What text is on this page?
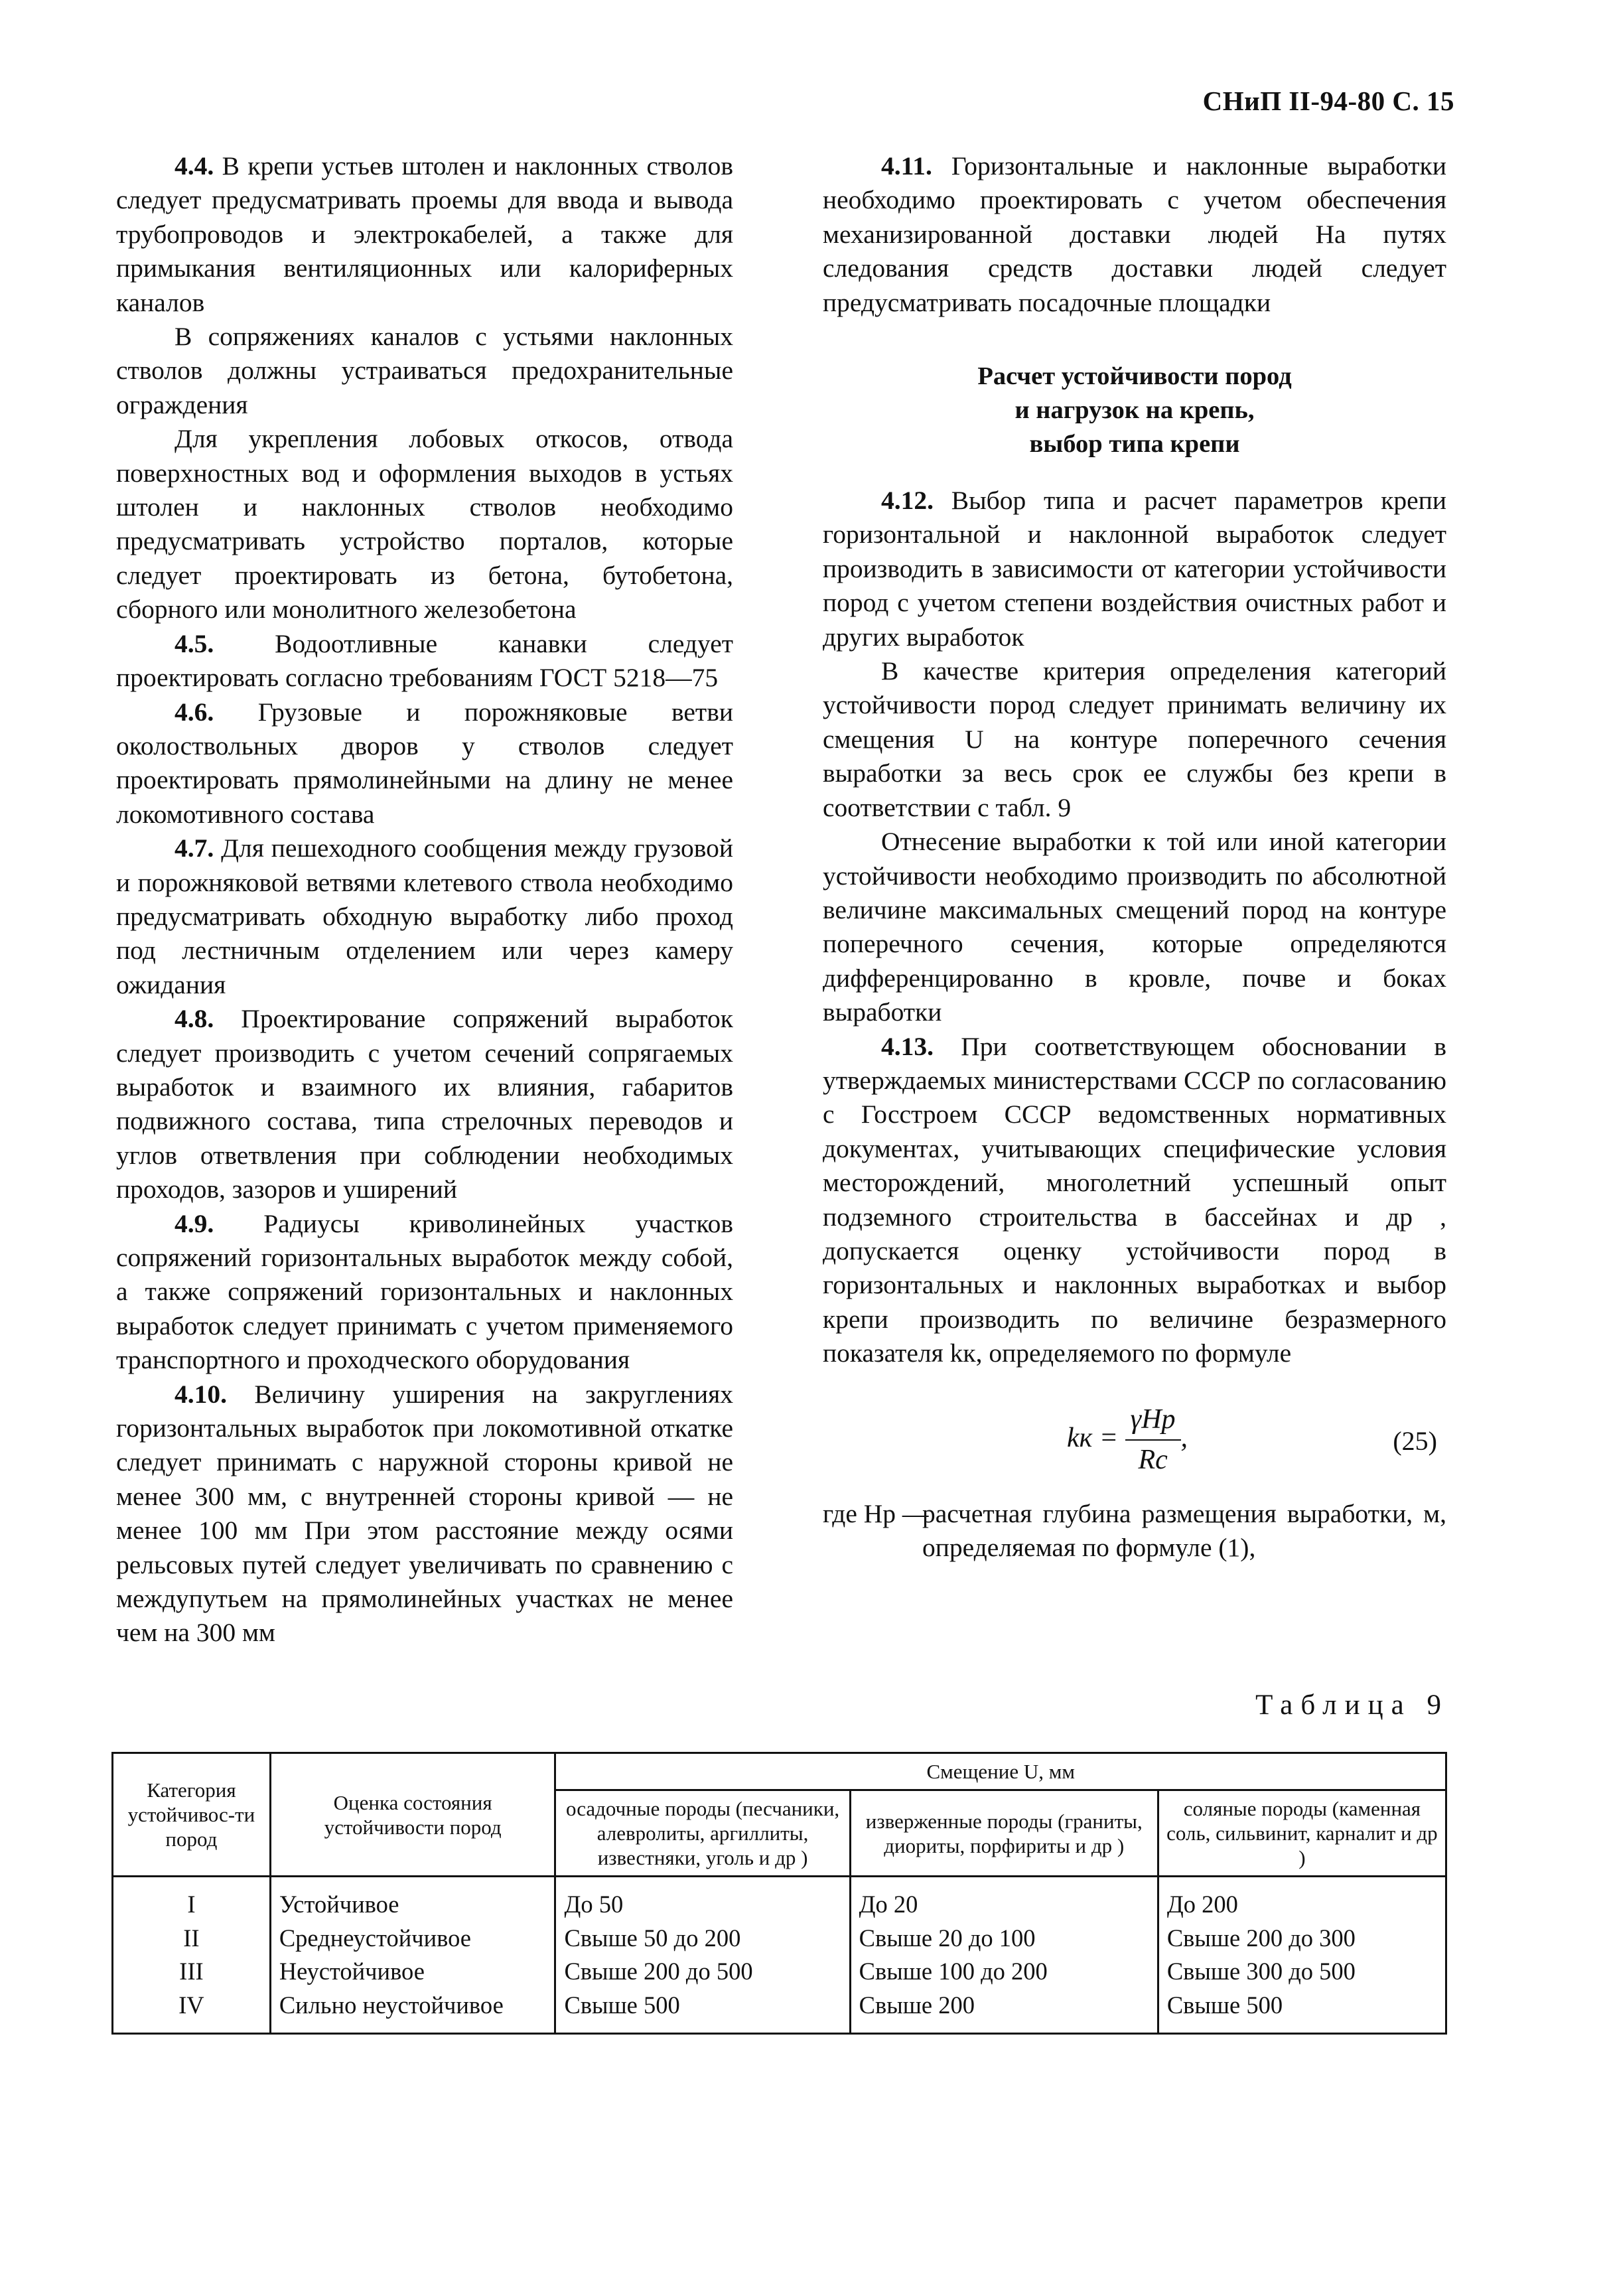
СНиП II-94-80 С. 15

4.4. В крепи устьев штолен и наклонных стволов следует предусматривать проемы для ввода и вывода трубопроводов и электрокабелей, а также для примыкания вентиляционных или калориферных каналов

В сопряжениях каналов с устьями наклонных стволов должны устраиваться предохранительные ограждения

Для укрепления лобовых откосов, отвода поверхностных вод и оформления выходов в устьях штолен и наклонных стволов необходимо предусматривать устройство порталов, которые следует проектировать из бетона, бутобетона, сборного или монолитного железобетона

4.5. Водоотливные канавки следует проектировать согласно требованиям ГОСТ 5218—75

4.6. Грузовые и порожняковые ветви околоствольных дворов у стволов следует проектировать прямолинейными на длину не менее локомотивного состава

4.7. Для пешеходного сообщения между грузовой и порожняковой ветвями клетевого ствола необходимо предусматривать обходную выработку либо проход под лестничным отделением или через камеру ожидания

4.8. Проектирование сопряжений выработок следует производить с учетом сечений сопрягаемых выработок и взаимного их влияния, габаритов подвижного состава, типа стрелочных переводов и углов ответвления при соблюдении необходимых проходов, зазоров и уширений

4.9. Радиусы криволинейных участков сопряжений горизонтальных выработок между собой, а также сопряжений горизонтальных и наклонных выработок следует принимать с учетом применяемого транспортного и проходческого оборудования

4.10. Величину уширения на закруглениях горизонтальных выработок при локомотивной откатке следует принимать с наружной стороны кривой не менее 300 мм, с внутренней стороны кривой — не менее 100 мм При этом расстояние между осями рельсовых путей следует увеличивать по сравнению с междупутьем на прямолинейных участках не менее чем на 300 мм

4.11. Горизонтальные и наклонные выработки необходимо проектировать с учетом обеспечения механизированной доставки людей На путях следования средств доставки людей следует предусматривать посадочные площадки

Расчет устойчивости пород
и нагрузок на крепь,
выбор типа крепи

4.12. Выбор типа и расчет параметров крепи горизонтальной и наклонной выработок следует производить в зависимости от категории устойчивости пород с учетом степени воздействия очистных работ и других выработок

В качестве критерия определения категорий устойчивости пород следует принимать величину их смещения U на контуре поперечного сечения выработки за весь срок ее службы без крепи в соответствии с табл. 9

Отнесение выработки к той или иной категории устойчивости необходимо производить по абсолютной величине максимальных смещений пород на контуре поперечного сечения, которые определяются дифференцированно в кровле, почве и боках выработки

4.13. При соответствующем обосновании в утверждаемых министерствами СССР по согласованию с Госстроем СССР ведомственных нормативных документах, учитывающих специфические условия месторождений, многолетний успешный опыт подземного строительства в бассейнах и др , допускается оценку устойчивости пород в горизонтальных и наклонных выработках и выбор крепи производить по величине безразмерного показателя kк, определяемого по формуле

kк = $\frac{\text{γHр}}{Rс}$ ,	(25)
где Hр —

расчетная глубина размещения выработки, м, определяемая по формуле (1),

Таблица 9
Категория устойчивос-ти пород	Оценка состояния устойчивости пород	Смещение U, мм		
		осадочные породы (песчаники, алевролиты, аргиллиты, известняки, уголь и др )	изверженные породы (граниты, диориты, порфириты и др )	соляные породы (каменная соль, сильвинит, карналит и др )
I	Устойчивое	До 50	До 20	До 200
II	Среднеустойчивое	Свыше 50 до 200	Свыше 20 до 100	Свыше 200 до 300
III	Неустойчивое	Свыше 200 до 500	Свыше 100 до 200	Свыше 300 до 500
IV	Сильно неустойчивое	Свыше 500	Свыше 200	Свыше 500
